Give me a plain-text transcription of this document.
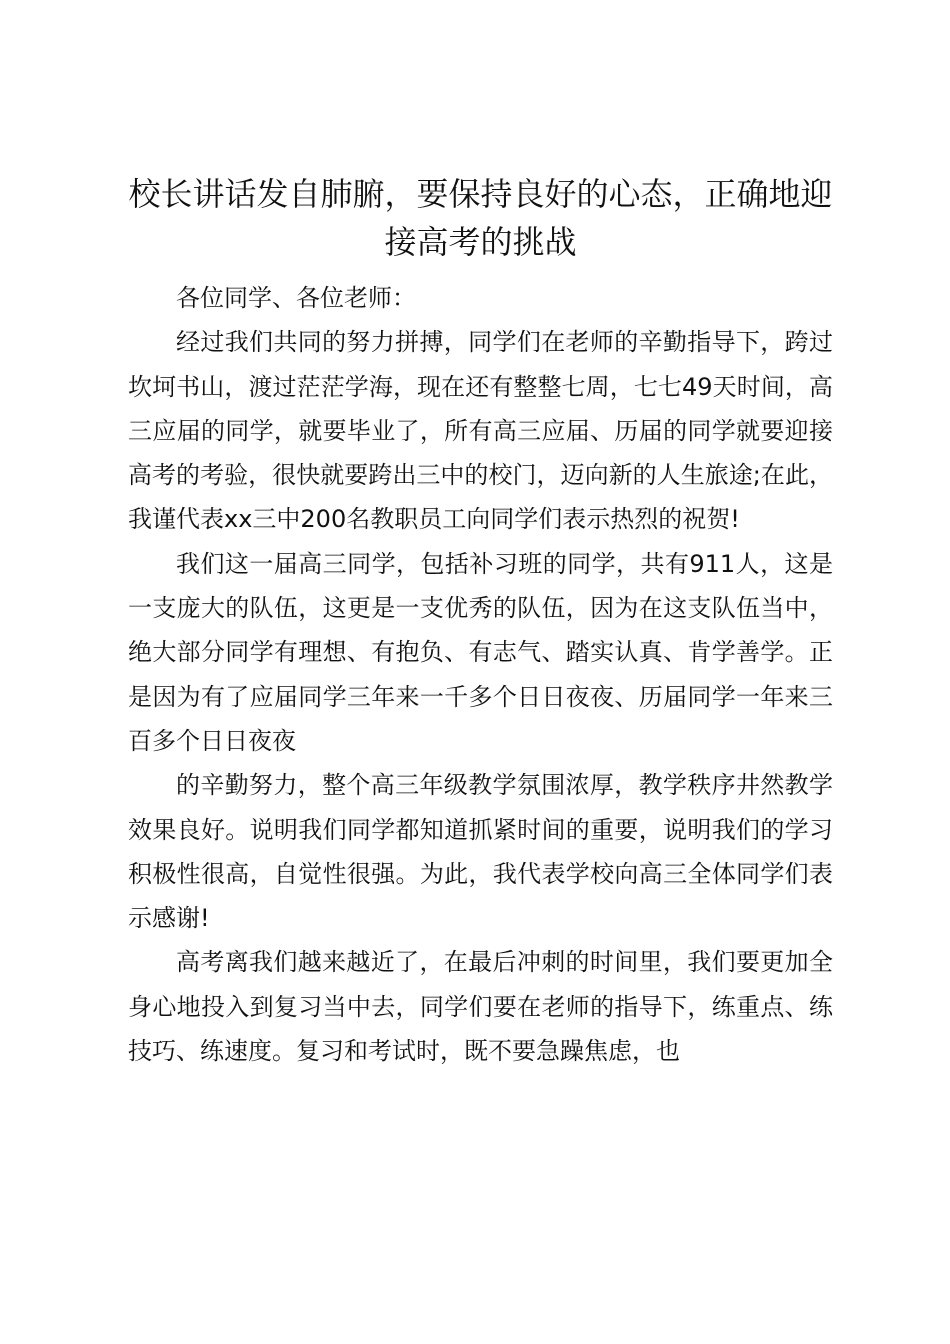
校长讲话发自肺腑，要保持良好的心态，正确地迎接高考的挑战

各位同学、各位老师：

经过我们共同的努力拼搏，同学们在老师的辛勤指导下，跨过坎坷书山，渡过茫茫学海，现在还有整整七周，七七49天时间，高三应届的同学，就要毕业了，所有高三应届、历届的同学就要迎接高考的考验，很快就要跨出三中的校门，迈向新的人生旅途;在此，我谨代表xx三中200名教职员工向同学们表示热烈的祝贺!

我们这一届高三同学，包括补习班的同学，共有911人，这是一支庞大的队伍，这更是一支优秀的队伍，因为在这支队伍当中，绝大部分同学有理想、有抱负、有志气、踏实认真、肯学善学。正是因为有了应届同学三年来一千多个日日夜夜、历届同学一年来三百多个日日夜夜

的辛勤努力，整个高三年级教学氛围浓厚，教学秩序井然教学效果良好。说明我们同学都知道抓紧时间的重要，说明我们的学习积极性很高，自觉性很强。为此，我代表学校向高三全体同学们表示感谢!

高考离我们越来越近了，在最后冲刺的时间里，我们要更加全身心地投入到复习当中去，同学们要在老师的指导下，练重点、练技巧、练速度。复习和考试时，既不要急躁焦虑，也
